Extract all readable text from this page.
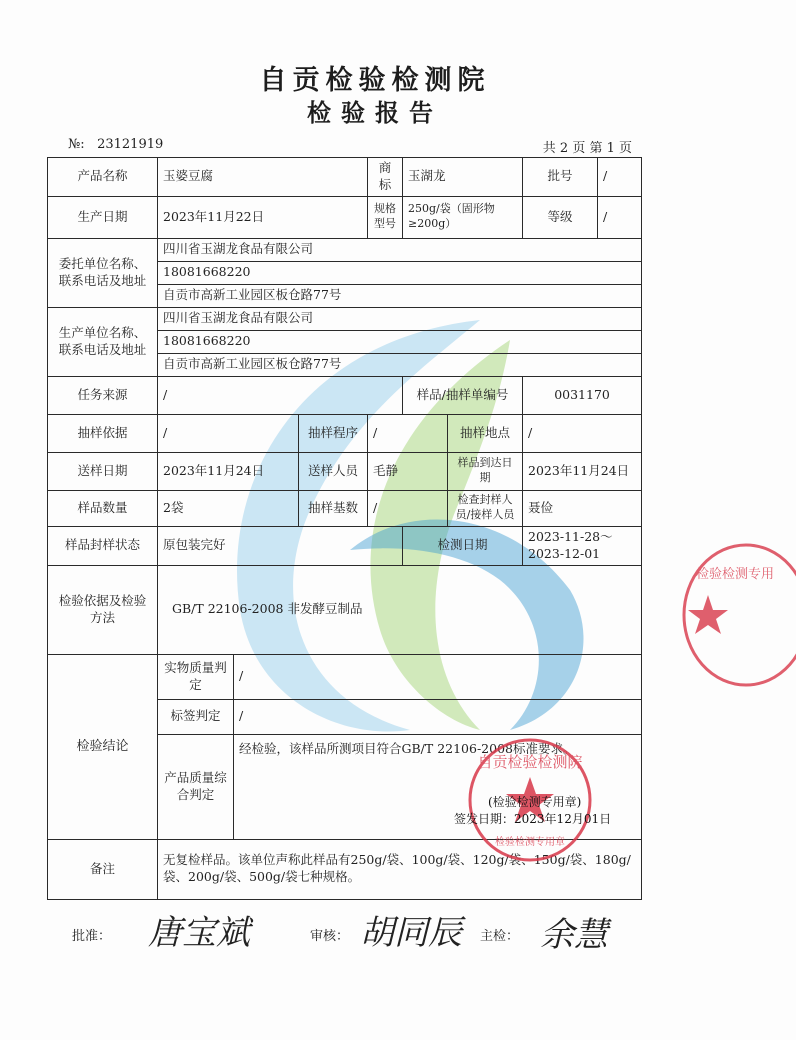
自贡检验检测院
检验报告
№: 23121919	共 2 页 第 1 页
产品名称	玉婆豆腐			商标	玉湖龙		批号	/
生产日期	2023年11月22日			规格型号	250g/袋（固形物≥200g）		等级	/
委托单位名称、联系电话及地址	四川省玉湖龙食品有限公司							
	18081668220							
	自贡市高新工业园区板仓路77号							
生产单位名称、联系电话及地址	四川省玉湖龙食品有限公司							
	18081668220							
	自贡市高新工业园区板仓路77号							
任务来源	/				样品/抽样单编号		0031170	
抽样依据	/		抽样程序	/		抽样地点	/	
送样日期	2023年11月24日		送样人员	毛静		样品到达日期	2023年11月24日	
样品数量	2袋		抽样基数	/		检查封样人员/接样人员	聂俭	
样品封样状态	原包装完好				检测日期		2023-11-28～2023-12-01	
检验依据及检验方法	GB/T 22106-2008 非发酵豆制品							
检验结论	实物质量判定	/						
	标签判定	/						
	产品质量综合判定	经检验，该样品所测项目符合GB/T 22106-2008标准要求。						
备注	无复检样品。该单位声称此样品有250g/袋、100g/袋、120g/袋、150g/袋、180g/袋、200g/袋、500g/袋七种规格。							
(检验检测专用章)
签发日期：2023年12月01日
自贡检验检测院
检验检测专用章
检验检测专用
批准： 唐宝斌	审核： 胡同辰 主检： 余慧
